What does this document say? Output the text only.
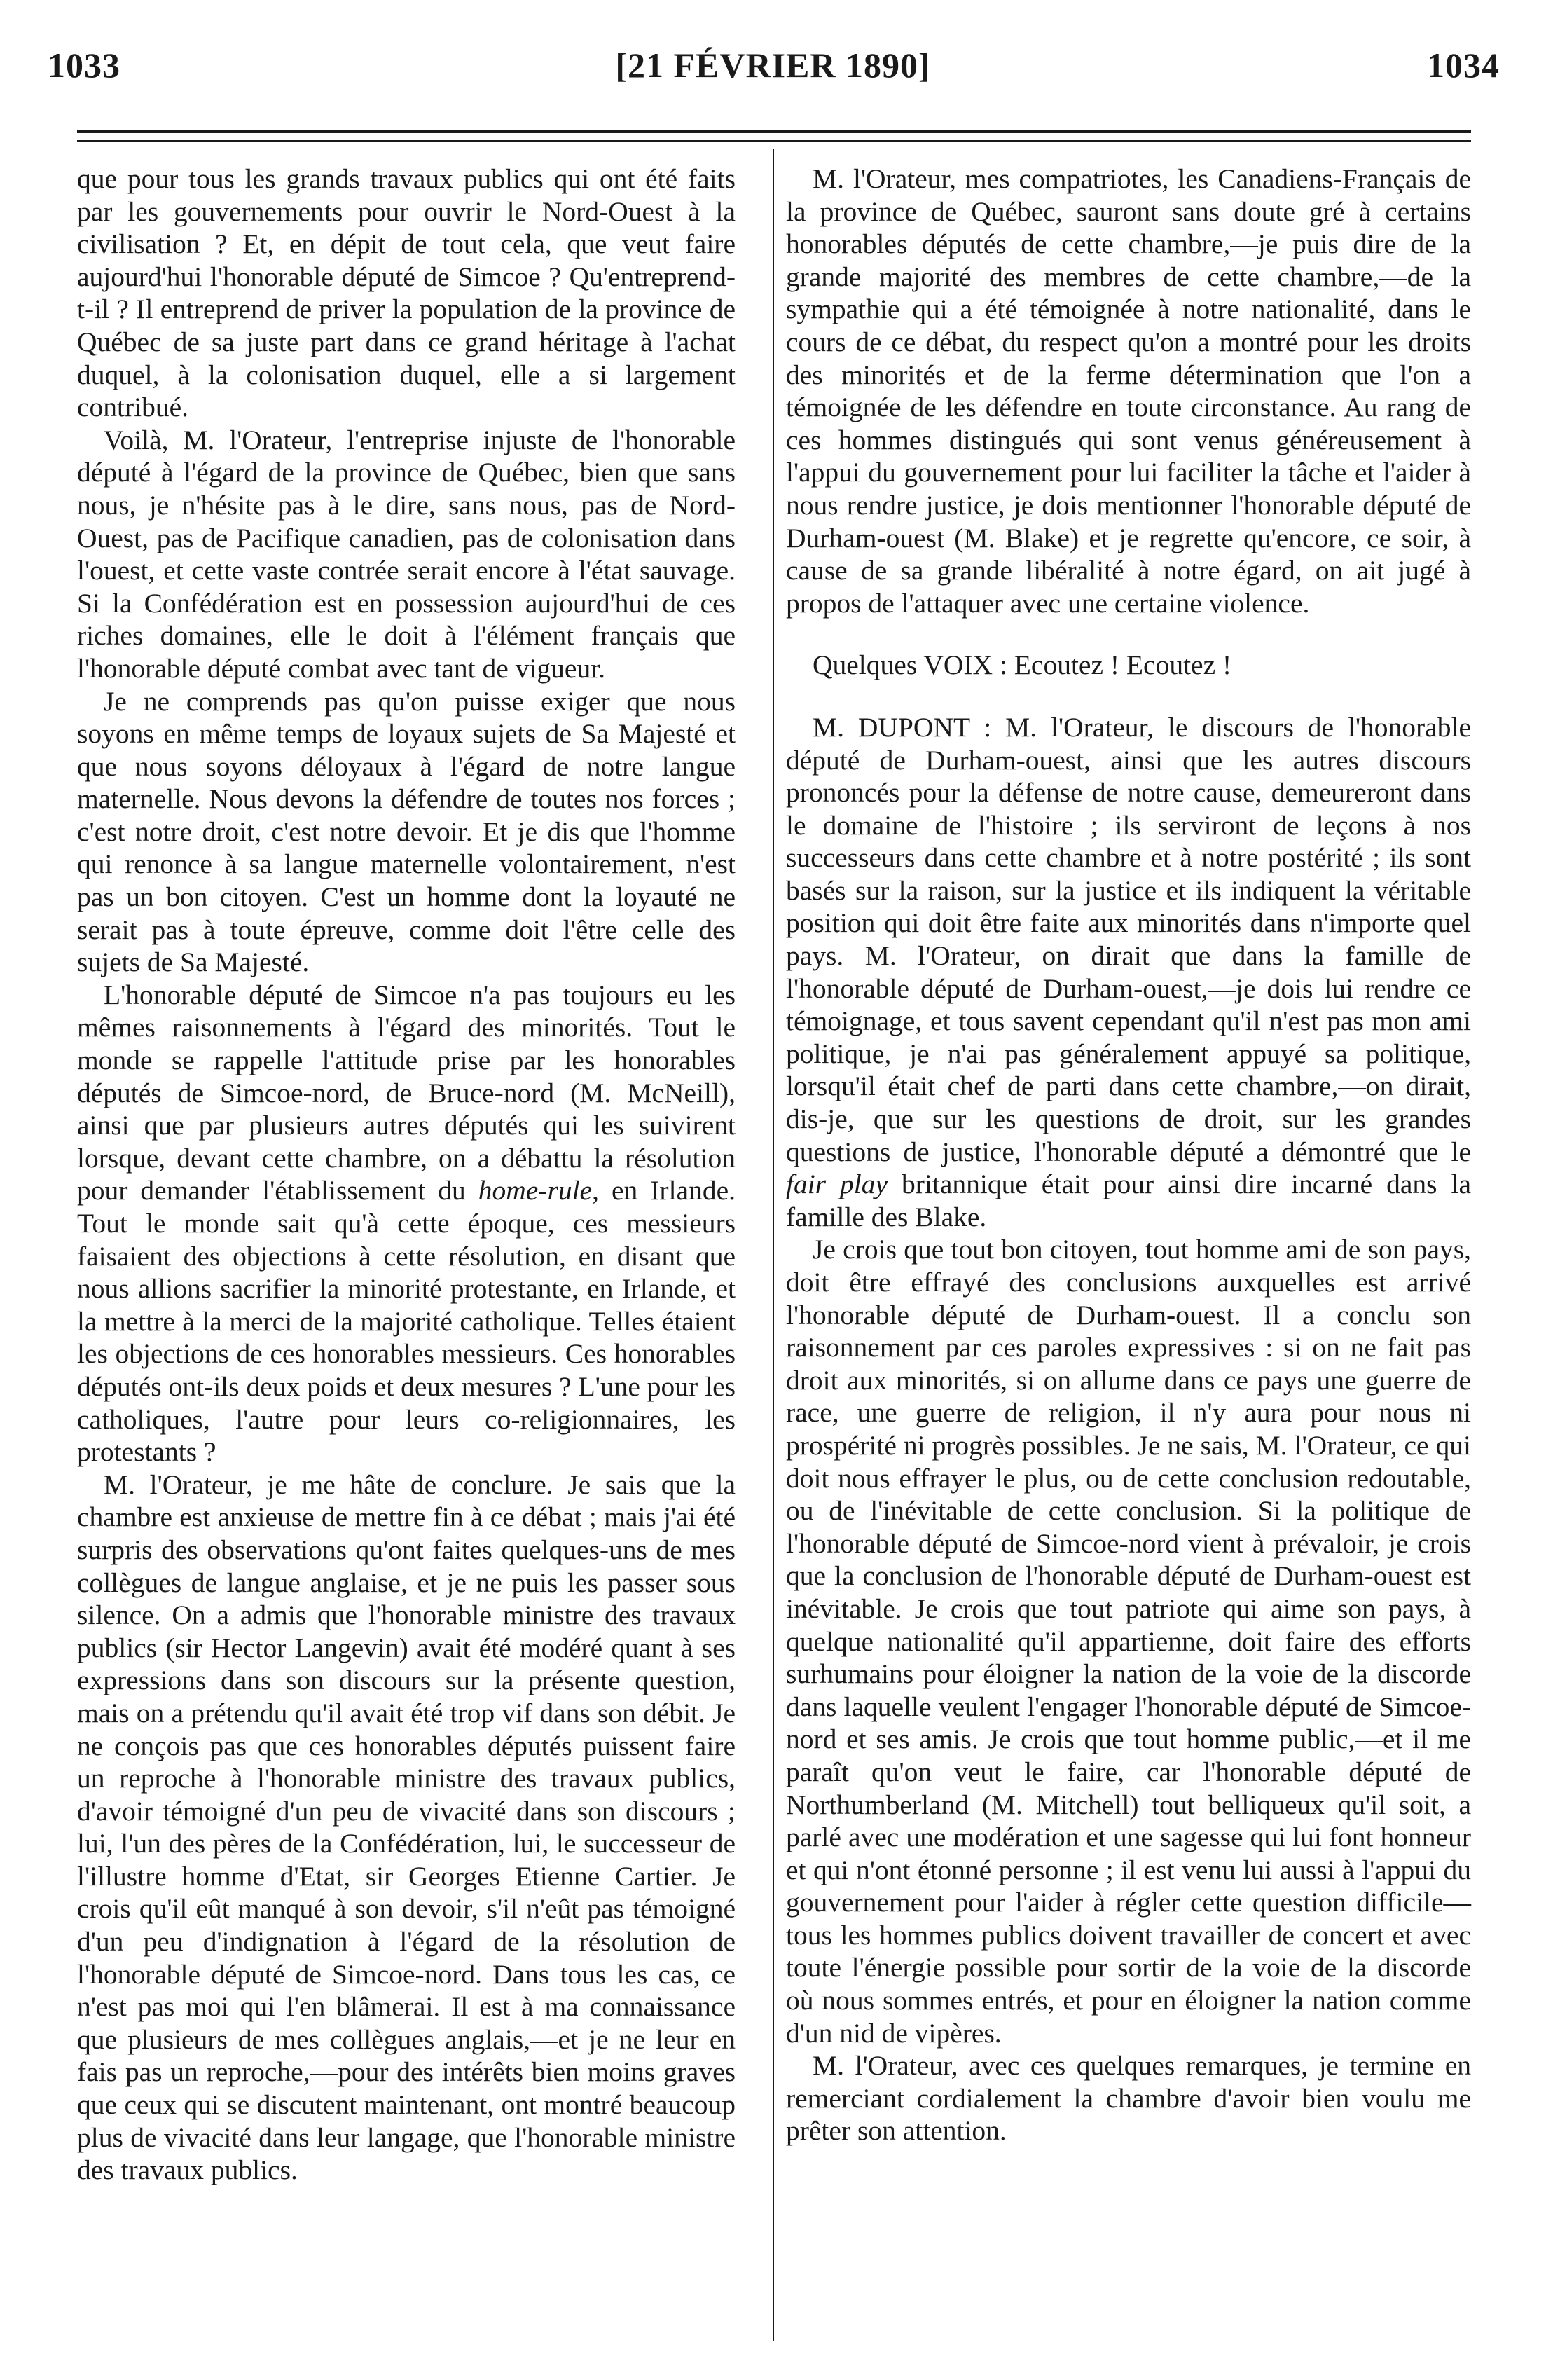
1033	[21 FÉVRIER 1890]	1034

que pour tous les grands travaux publics qui ont été faits par les gouvernements pour ouvrir le Nord-Ouest à la civilisation ? Et, en dépit de tout cela, que veut faire aujourd'hui l'honorable député de Simcoe ? Qu'entreprend-t-il ? Il entreprend de priver la population de la province de Québec de sa juste part dans ce grand héritage à l'achat duquel, à la colonisation duquel, elle a si largement contribué.

Voilà, M. l'Orateur, l'entreprise injuste de l'honorable député à l'égard de la province de Québec, bien que sans nous, je n'hésite pas à le dire, sans nous, pas de Nord-Ouest, pas de Pacifique canadien, pas de colonisation dans l'ouest, et cette vaste contrée serait encore à l'état sauvage. Si la Confédération est en possession aujourd'hui de ces riches domaines, elle le doit à l'élément français que l'honorable député combat avec tant de vigueur.

Je ne comprends pas qu'on puisse exiger que nous soyons en même temps de loyaux sujets de Sa Majesté et que nous soyons déloyaux à l'égard de notre langue maternelle. Nous devons la défendre de toutes nos forces ; c'est notre droit, c'est notre devoir. Et je dis que l'homme qui renonce à sa langue maternelle volontairement, n'est pas un bon citoyen. C'est un homme dont la loyauté ne serait pas à toute épreuve, comme doit l'être celle des sujets de Sa Majesté.

L'honorable député de Simcoe n'a pas toujours eu les mêmes raisonnements à l'égard des minorités. Tout le monde se rappelle l'attitude prise par les honorables députés de Simcoe-nord, de Bruce-nord (M. McNeill), ainsi que par plusieurs autres députés qui les suivirent lorsque, devant cette chambre, on a débattu la résolution pour demander l'établissement du home-rule, en Irlande. Tout le monde sait qu'à cette époque, ces messieurs faisaient des objections à cette résolution, en disant que nous allions sacrifier la minorité protestante, en Irlande, et la mettre à la merci de la majorité catholique. Telles étaient les objections de ces honorables messieurs. Ces honorables députés ont-ils deux poids et deux mesures ? L'une pour les catholiques, l'autre pour leurs co-religionnaires, les protestants ?

M. l'Orateur, je me hâte de conclure. Je sais que la chambre est anxieuse de mettre fin à ce débat ; mais j'ai été surpris des observations qu'ont faites quelques-uns de mes collègues de langue anglaise, et je ne puis les passer sous silence. On a admis que l'honorable ministre des travaux publics (sir Hector Langevin) avait été modéré quant à ses expressions dans son discours sur la présente question, mais on a prétendu qu'il avait été trop vif dans son débit. Je ne conçois pas que ces honorables députés puissent faire un reproche à l'honorable ministre des travaux publics, d'avoir témoigné d'un peu de vivacité dans son discours ; lui, l'un des pères de la Confédération, lui, le successeur de l'illustre homme d'Etat, sir Georges Etienne Cartier. Je crois qu'il eût manqué à son devoir, s'il n'eût pas témoigné d'un peu d'indignation à l'égard de la résolution de l'honorable député de Simcoe-nord. Dans tous les cas, ce n'est pas moi qui l'en blâmerai. Il est à ma connaissance que plusieurs de mes collègues anglais,—et je ne leur en fais pas un reproche,—pour des intérêts bien moins graves que ceux qui se discutent maintenant, ont montré beaucoup plus de vivacité dans leur langage, que l'honorable ministre des travaux publics.

M. l'Orateur, mes compatriotes, les Canadiens-Français de la province de Québec, sauront sans doute gré à certains honorables députés de cette chambre,—je puis dire de la grande majorité des membres de cette chambre,—de la sympathie qui a été témoignée à notre nationalité, dans le cours de ce débat, du respect qu'on a montré pour les droits des minorités et de la ferme détermination que l'on a témoignée de les défendre en toute circonstance. Au rang de ces hommes distingués qui sont venus généreusement à l'appui du gouvernement pour lui faciliter la tâche et l'aider à nous rendre justice, je dois mentionner l'honorable député de Durham-ouest (M. Blake) et je regrette qu'encore, ce soir, à cause de sa grande libéralité à notre égard, on ait jugé à propos de l'attaquer avec une certaine violence.

Quelques VOIX : Ecoutez ! Ecoutez !

M. DUPONT : M. l'Orateur, le discours de l'honorable député de Durham-ouest, ainsi que les autres discours prononcés pour la défense de notre cause, demeureront dans le domaine de l'histoire ; ils serviront de leçons à nos successeurs dans cette chambre et à notre postérité ; ils sont basés sur la raison, sur la justice et ils indiquent la véritable position qui doit être faite aux minorités dans n'importe quel pays. M. l'Orateur, on dirait que dans la famille de l'honorable député de Durham-ouest,—je dois lui rendre ce témoignage, et tous savent cependant qu'il n'est pas mon ami politique, je n'ai pas généralement appuyé sa politique, lorsqu'il était chef de parti dans cette chambre,—on dirait, dis-je, que sur les questions de droit, sur les grandes questions de justice, l'honorable député a démontré que le fair play britannique était pour ainsi dire incarné dans la famille des Blake.

Je crois que tout bon citoyen, tout homme ami de son pays, doit être effrayé des conclusions auxquelles est arrivé l'honorable député de Durham-ouest. Il a conclu son raisonnement par ces paroles expressives : si on ne fait pas droit aux minorités, si on allume dans ce pays une guerre de race, une guerre de religion, il n'y aura pour nous ni prospérité ni progrès possibles. Je ne sais, M. l'Orateur, ce qui doit nous effrayer le plus, ou de cette conclusion redoutable, ou de l'inévitable de cette conclusion. Si la politique de l'honorable député de Simcoe-nord vient à prévaloir, je crois que la conclusion de l'honorable député de Durham-ouest est inévitable. Je crois que tout patriote qui aime son pays, à quelque nationalité qu'il appartienne, doit faire des efforts surhumains pour éloigner la nation de la voie de la discorde dans laquelle veulent l'engager l'honorable député de Simcoe-nord et ses amis. Je crois que tout homme public,—et il me paraît qu'on veut le faire, car l'honorable député de Northumberland (M. Mitchell) tout belliqueux qu'il soit, a parlé avec une modération et une sagesse qui lui font honneur et qui n'ont étonné personne ; il est venu lui aussi à l'appui du gouvernement pour l'aider à régler cette question difficile—tous les hommes publics doivent travailler de concert et avec toute l'énergie possible pour sortir de la voie de la discorde où nous sommes entrés, et pour en éloigner la nation comme d'un nid de vipères.

M. l'Orateur, avec ces quelques remarques, je termine en remerciant cordialement la chambre d'avoir bien voulu me prêter son attention.
